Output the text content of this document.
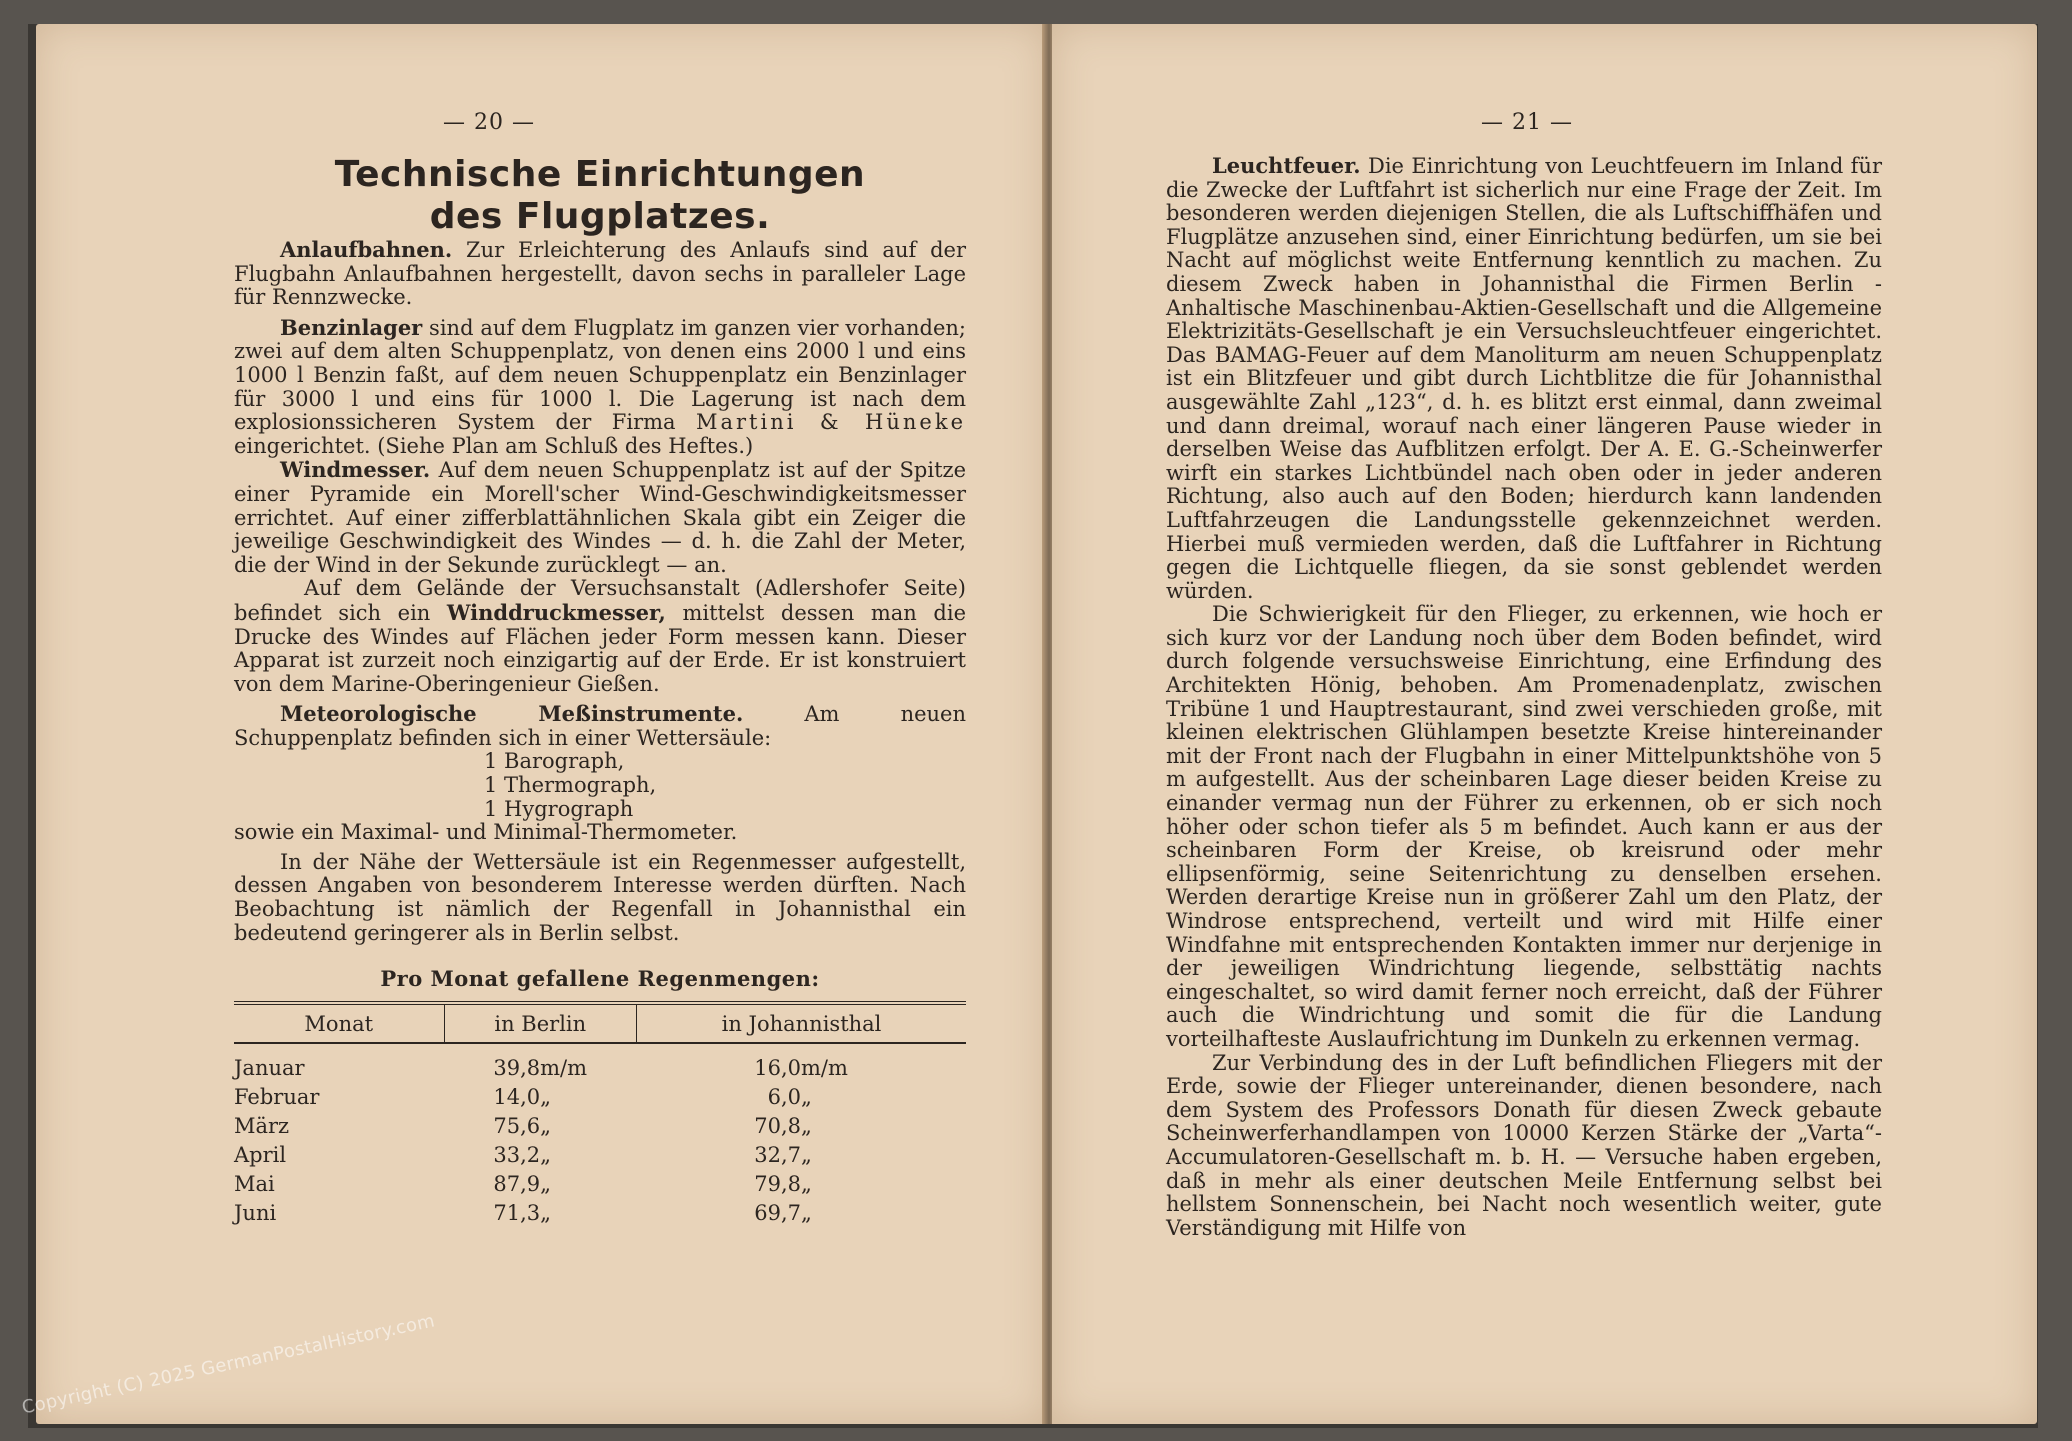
— 20 —

Technische Einrichtungen
des Flugplatzes.

Anlaufbahnen. Zur Erleichterung des Anlaufs sind auf der Flugbahn Anlaufbahnen hergestellt, davon sechs in paralleler Lage für Rennzwecke.

Benzinlager sind auf dem Flugplatz im ganzen vier vorhanden; zwei auf dem alten Schuppenplatz, von denen eins 2000 l und eins 1000 l Benzin faßt, auf dem neuen Schuppenplatz ein Benzinlager für 3000 l und eins für 1000 l. Die Lagerung ist nach dem explosionssicheren System der Firma Martini & Hüneke eingerichtet. (Siehe Plan am Schluß des Heftes.)

Windmesser. Auf dem neuen Schuppenplatz ist auf der Spitze einer Pyramide ein Morell'scher Wind-Geschwindigkeitsmesser errichtet. Auf einer zifferblattähnlichen Skala gibt ein Zeiger die jeweilige Geschwindigkeit des Windes — d. h. die Zahl der Meter, die der Wind in der Sekunde zurücklegt — an.

Auf dem Gelände der Versuchsanstalt (Adlershofer Seite) befindet sich ein Winddruckmesser, mittelst dessen man die Drucke des Windes auf Flächen jeder Form messen kann. Dieser Apparat ist zurzeit noch einzigartig auf der Erde. Er ist konstruiert von dem Marine-Oberingenieur Gießen.

Meteorologische Meßinstrumente. Am neuen Schuppenplatz befinden sich in einer Wettersäule:

1 Barograph,
1 Thermograph,
1 Hygrograph

sowie ein Maximal- und Minimal-Thermometer.

In der Nähe der Wettersäule ist ein Regenmesser aufgestellt, dessen Angaben von besonderem Interesse werden dürften. Nach Beobachtung ist nämlich der Regenfall in Johannisthal ein bedeutend geringerer als in Berlin selbst.

Pro Monat gefallene Regenmengen:
Monat	in Berlin		in Johannisthal	
Januar	39,8	m/m	16,0	m/m
Februar	14,0	„	6,0	„
März	75,6	„	70,8	„
April	33,2	„	32,7	„
Mai	87,9	„	79,8	„
Juni	71,3	„	69,7	„
— 21 —

Leuchtfeuer. Die Einrichtung von Leuchtfeuern im Inland für die Zwecke der Luftfahrt ist sicherlich nur eine Frage der Zeit. Im besonderen werden diejenigen Stellen, die als Luftschiffhäfen und Flugplätze anzusehen sind, einer Einrichtung bedürfen, um sie bei Nacht auf möglichst weite Entfernung kenntlich zu machen. Zu diesem Zweck haben in Johannisthal die Firmen Berlin - Anhaltische Maschinenbau-Aktien-Gesellschaft und die Allgemeine Elektrizitäts-Gesellschaft je ein Versuchsleuchtfeuer eingerichtet. Das BAMAG-Feuer auf dem Manoliturm am neuen Schuppenplatz ist ein Blitzfeuer und gibt durch Lichtblitze die für Johannisthal ausgewählte Zahl „123“, d. h. es blitzt erst einmal, dann zweimal und dann dreimal, worauf nach einer längeren Pause wieder in derselben Weise das Aufblitzen erfolgt. Der A. E. G.-Scheinwerfer wirft ein starkes Lichtbündel nach oben oder in jeder anderen Richtung, also auch auf den Boden; hierdurch kann landenden Luftfahrzeugen die Landungsstelle gekennzeichnet werden. Hierbei muß vermieden werden, daß die Luftfahrer in Richtung gegen die Lichtquelle fliegen, da sie sonst geblendet werden würden.

Die Schwierigkeit für den Flieger, zu erkennen, wie hoch er sich kurz vor der Landung noch über dem Boden befindet, wird durch folgende versuchsweise Einrichtung, eine Erfindung des Architekten Hönig, behoben. Am Promenadenplatz, zwischen Tribüne 1 und Hauptrestaurant, sind zwei verschieden große, mit kleinen elektrischen Glühlampen besetzte Kreise hintereinander mit der Front nach der Flugbahn in einer Mittelpunktshöhe von 5 m aufgestellt. Aus der scheinbaren Lage dieser beiden Kreise zu einander vermag nun der Führer zu erkennen, ob er sich noch höher oder schon tiefer als 5 m befindet. Auch kann er aus der scheinbaren Form der Kreise, ob kreisrund oder mehr ellipsenförmig, seine Seitenrichtung zu denselben ersehen. Werden derartige Kreise nun in größerer Zahl um den Platz, der Windrose entsprechend, verteilt und wird mit Hilfe einer Windfahne mit entsprechenden Kontakten immer nur derjenige in der jeweiligen Windrichtung liegende, selbsttätig nachts eingeschaltet, so wird damit ferner noch erreicht, daß der Führer auch die Windrichtung und somit die für die Landung vorteilhafteste Auslaufrichtung im Dunkeln zu erkennen vermag.

Zur Verbindung des in der Luft befindlichen Fliegers mit der Erde, sowie der Flieger untereinander, dienen besondere, nach dem System des Professors Donath für diesen Zweck gebaute Scheinwerferhandlampen von 10000 Kerzen Stärke der „Varta“-Accumulatoren-Gesellschaft m. b. H. — Versuche haben ergeben, daß in mehr als einer deutschen Meile Entfernung selbst bei hellstem Sonnenschein, bei Nacht noch wesentlich weiter, gute Verständigung mit Hilfe von

Copyright (C) 2025 GermanPostalHistory.com
